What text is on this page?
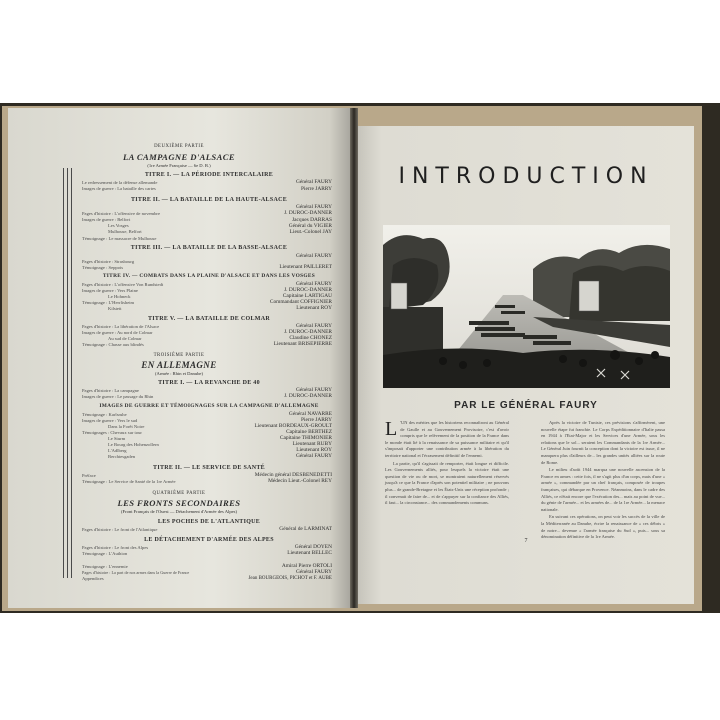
DEUXIÈME PARTIE
LA CAMPAGNE D'ALSACE
(1re Armée Française — 6e D. B.)
TITRE I. — LA PÉRIODE INTERCALAIRE
Le redressement de la défense allemande	Général FAURY
Images de guerre : La bataille des cartes	Pierre JARRY
TITRE II. — LA BATAILLE DE LA HAUTE-ALSACE
Général FAURY
Pages d'histoire : L'offensive de novembre	J. DUROC-DANNER
Images de guerre : Belfort	Jacques DARRAS
Les Vosges	Général du VIGIER
Mulhouse, Belfort	Lieut.-Colonel JAY
Témoignage : Le massacre de Mulhouse
TITRE III. — LA BATAILLE DE LA BASSE-ALSACE
Général FAURY
Pages d'histoire : Strasbourg
Témoignage : Seppois	Lieutenant PAILLERET
TITRE IV. — COMBATS DANS LA PLAINE D'ALSACE ET DANS LES VOSGES
Pages d'histoire : L'offensive Von Rundstedt	Général FAURY
Images de guerre : Vers Plaine	J. DUROC-DANNER
Le Hohneck	Capitaine LARTIGAU
Témoignage : L'Herrlisheim	Commandant COFFIGNIER
Kilstett	Lieutenant ROY
TITRE V. — LA BATAILLE DE COLMAR
Pages d'histoire : La libération de l'Alsace	Général FAURY
Images de guerre : Au nord de Colmar	J. DUROC-DANNER
Au sud de Colmar	Claudine CHONEZ
Témoignage : Chasse aux blindés	Lieutenant BRISEPIERRE
TROISIÈME PARTIE
EN ALLEMAGNE
(Armée : Rhin et Danube)
TITRE I. — LA REVANCHE DE 40
Pages d'histoire : La campagne	Général FAURY
Images de guerre : Le passage du Rhin	J. DUROC-DANNER
IMAGES DE GUERRE ET TÉMOIGNAGES SUR LA CAMPAGNE D'ALLEMAGNE
Témoignage : Karlsruhe	Général NAVARRE
Images de guerre : Vers le sud	Pierre JARRY
Dans la Forêt Noire	Lieutenant BORDEAUX-GROULT
Témoignages : Chevaux sur tour	Capitaine BERTHEZ
Le Sturm	Capitaine THIMONIER
Le Bourg des Hohenzollern	Lieutenant RUBY
L'Adlberg	Lieutenant ROY
Berchtesgaden	Général FAURY
TITRE II. — LE SERVICE DE SANTÉ
Préface	Médecin général DESBENEDETTI
Témoignage : Le Service de Santé de la 1re Armée	Médecin Lieut.-Colonel REY
QUATRIÈME PARTIE
LES FRONTS SECONDAIRES
(Front Français de l'Ouest — Détachement d'Armée des Alpes)
LES POCHES DE L'ATLANTIQUE
Pages d'histoire : Le front de l'Atlantique	Général de LARMINAT
LE DÉTACHEMENT D'ARMÉE DES ALPES
Pages d'histoire : Le front des Alpes	Général DOYEN
Témoignage : L'Authion	Lieutenant BELLEC
Témoignage : L'ennemie	Amiral Pierre ORTOLI
Pages d'histoire : La part de nos armes dans la Guerre de France	Général FAURY
Appendices	Jean BOURGEOIS, PICHOT et F. AUBE
INTRODUCTION
PAR LE GÉNÉRAL FAURY
L 'UN des mérites que les historiens reconnaîtront au Général de Gaulle et au Gouvernement Provisoire, c'est d'avoir compris que le relèvement de la position de la France dans le monde était lié à la renaissance de sa puissance militaire et qu'il s'imposait d'apporter une contribution armée à la libération du territoire national et l'écrasement définitif de l'ennemi.
La partie, qu'il s'agissait de remporter, était longue et difficile. Les Gouvernements alliés, pour lesquels la victoire était une question de vie ou de mort, se montraient naturellement réservés jusqu'à ce que la France d'après son potentiel militaire ; ne pouvons plus... de grande-Bretagne et les États-Unis une réception profonde ; il convenait de faire de... et de s'appuyer sur la confiance des Alliés, il faut... la circonstance... des commandements communs.
Après la victoire de Tunisie, ces prévisions s'affirmèrent, une nouvelle étape fut franchie. Le Corps Expéditionnaire d'Italie passa en 1944 à l'Etat-Major et les Services d'une Armée, sous les relations que le sol... seraient les Commandants de la 1re Armée... Le Général Juin fournit la conception dont la victoire est issue, il ne manquera plus d'ailleurs de... les grandes unités alliées sur la route de Rome.
Le milieu d'août 1944 marqua une nouvelle ascension de la France en armes : cette fois, il ne s'agit plus d'un corps, mais d'une « armée », commandée par un chef français, composée de troupes françaises, qui débarque en Provence. Néanmoins, dans le cadre des Alliés, ce n'était encore que l'exécution des... mais au point de vue... du génie de l'armée... et les armées de... de la 1re Armée... la menace nationale.
En suivant ces opérations, on peut voir les succès de la ville de la Méditerranée au Danube, écrire la renaissance de « ces débris » de notre... devenue « l'armée française du Sud », puis... sous sa dénomination définitive de la 1re Armée.
7
